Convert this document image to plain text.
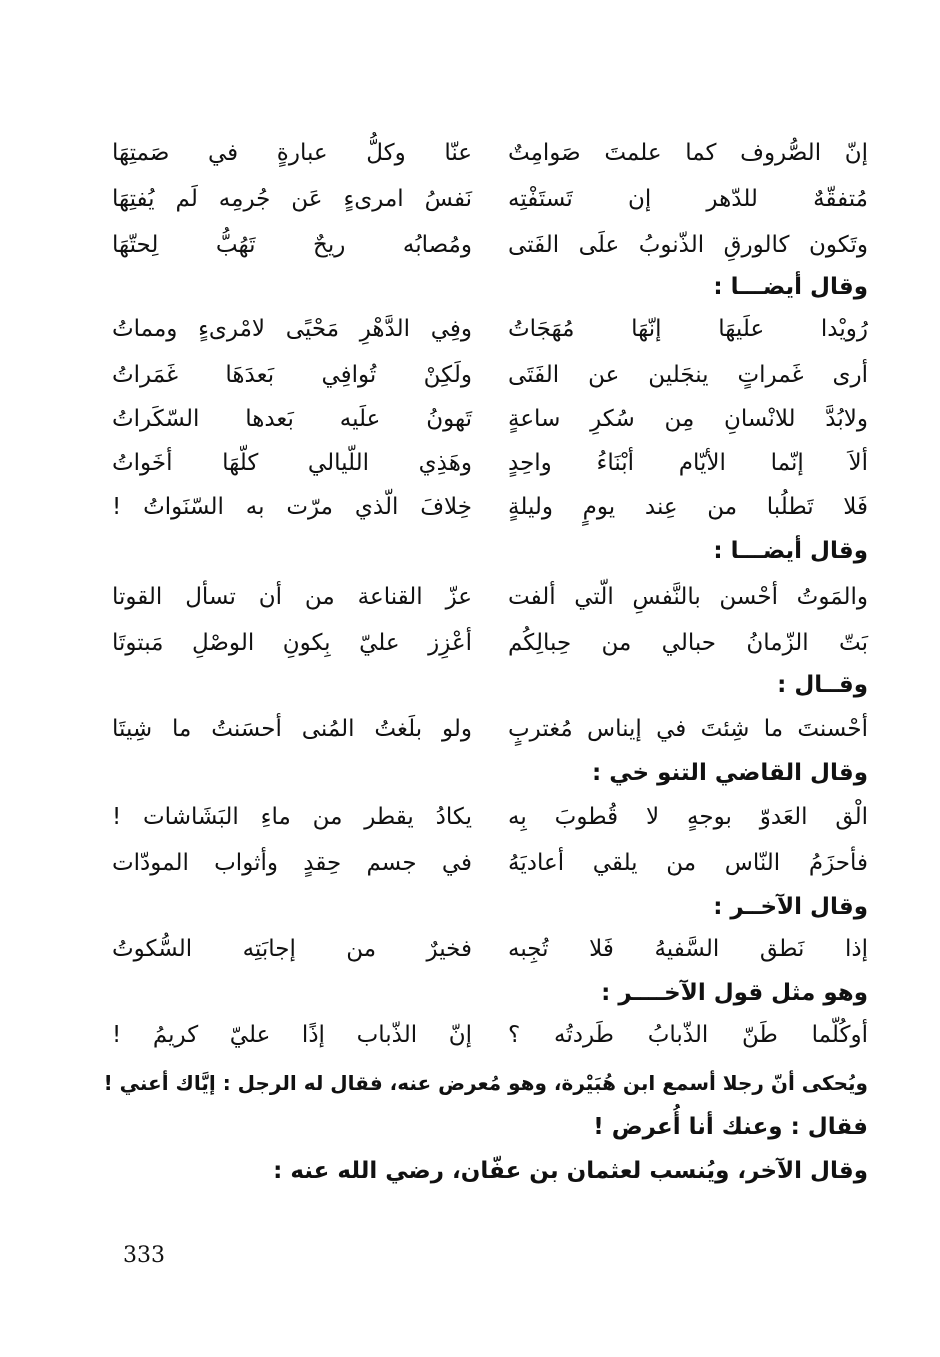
إنّ الصُّروف كما علمتَ صَوامِتٌ
عنّا وكلُّ عبارةٍ في صَمتِهَا
مُتفقّهٌ للدّهر إن تَستَفْتِه
نَفسُ امرىءٍ عَن جُرمِه لَم يُفتِهَا
وتَكون كالورقِ الذّنوبُ علَى الفَتى
ومُصابُه ريحٌ تَهُبُّ لِحتّهَا
وقال أيضـــا :
رُويْدا علَيهَا إنّهَا مُهَجَاتُ
وفِي الدَّهْرِ مَحْيًى لامْرىءٍ ومماتُ
أرى غَمراتٍ ينجَلين عن الفَتَى
ولَكِنْ تُوافِي بَعدَهَا غَمَراتُ
ولابُدَّ للانْسانِ مِن سُكرِ ساعةٍ
تَهونُ علَيه بَعدها السّكَراتُ
ألاَ إنّما الأيّام أبْنَاءُ واحِدٍ
وهَذِي اللّيالي كلّهَا أخَواتُ
فَلا تَطلُبا من عِند يومٍ وليلةٍ
خِلافَ الّذي مرّت به السّنَواتُ !
وقال أيضـــا :
والمَوتُ أحْسن بالنَّفسِ الّتي ألفت
عزّ القناعة من أن تسأل القوتا
بَتّ الزّمانُ حبالي من حِبالِكُم
أعْزِز عليّ بِكونِ الوصْلِ مَبتوتَا
وقــال :
أحْسنتَ ما شِئتَ في إيناس مُغتربٍ
ولو بلَغتُ المُنى أحسَنتُ ما شِيتَا
وقال القاضي التنو خي :
الْق العَدوّ بوجهٍ لا قُطوبَ بِه
يكادُ يقطر من ماءِ البَشَاشات !
فأحزَمُ النّاس من يلقي أعاديَهُ
في جسم حِقدٍ وأثواب المودّات
وقال الآخــر :
إذا نَطق السَّفيهُ فَلا تُجِبه
فخيرٌ من إجابَتِه السُّكوتُ
وهو مثل قول الآخــــر :
أوكُلّما طَنّ الذّبابُ طَردتُه ؟
إنّ الذّباب إذًا عليّ كريمُ !
ويُحكى أنّ رجلا أسمع ابن هُبَيْرة، وهو مُعرض عنه، فقال له الرجل : إيَّاك أعني !
فقال : وعنك أنا أُعرض !
وقال الآخر، ويُنسب لعثمان بن عفّان، رضي الله عنه :
333
